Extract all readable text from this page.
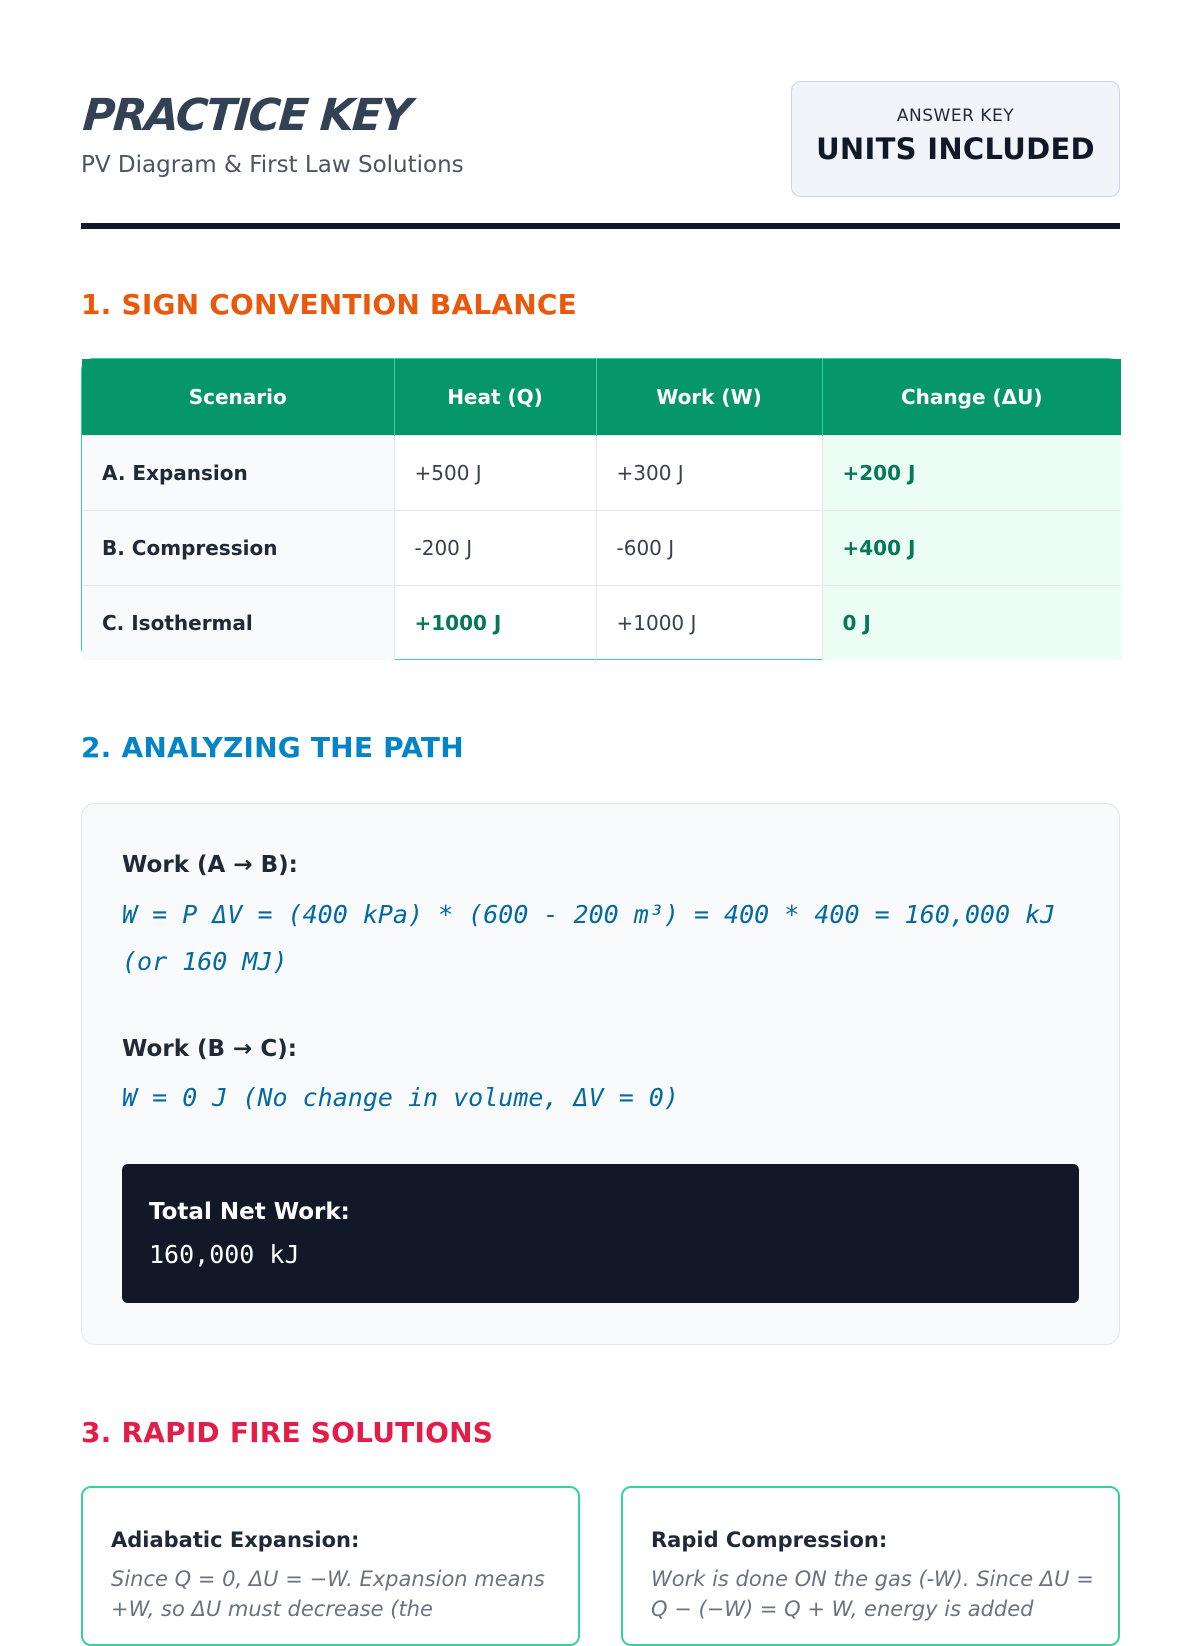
PRACTICE KEY
PV Diagram & First Law Solutions
ANSWER KEY
UNITS INCLUDED
1. SIGN CONVENTION BALANCE
Scenario	Heat (Q)	Work (W)	Change (ΔU)
A. Expansion	+500 J	+300 J	+200 J
B. Compression	-200 J	-600 J	+400 J
C. Isothermal	+1000 J	+1000 J	0 J
2. ANALYZING THE PATH
Work (A → B):
W = P ΔV = (400 kPa) * (600 - 200 m³) = 400 * 400 = 160,000 kJ (or 160 MJ)
Work (B → C):
W = 0 J (No change in volume, ΔV = 0)
Total Net Work:
160,000 kJ
3. RAPID FIRE SOLUTIONS
Adiabatic Expansion:
Since Q = 0, ΔU = −W. Expansion means +W, so ΔU must decrease (the
Rapid Compression:
Work is done ON the gas (-W). Since ΔU = Q − (−W) = Q + W, energy is added
